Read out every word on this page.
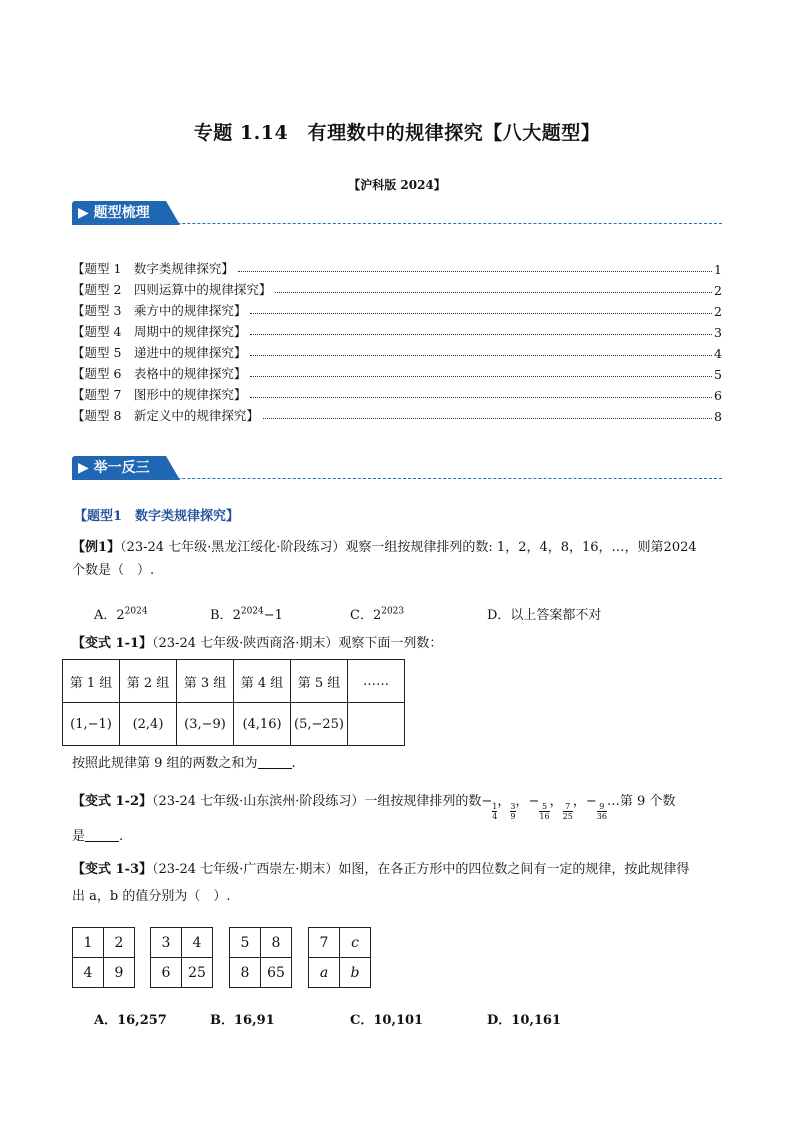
专题 1.14　有理数中的规律探究【八大题型】
【沪科版 2024】
▶ 题型梳理
【题型 1　数字类规律探究】	1
【题型 2　四则运算中的规律探究】	2
【题型 3　乘方中的规律探究】	2
【题型 4　周期中的规律探究】	3
【题型 5　递进中的规律探究】	4
【题型 6　表格中的规律探究】	5
【题型 7　图形中的规律探究】	6
【题型 8　新定义中的规律探究】	8
▶ 举一反三
【题型1　数字类规律探究】
【例1】（23-24 七年级·黑龙江绥化·阶段练习）观察一组按规律排列的数: 1，2，4，8，16，…，则第2024
个数是（　）.
A．$2^{2024}$	B．$2^{2024}-1$	C．$2^{2023}$	D．以上答案都不对
【变式 1-1】（23-24 七年级·陕西商洛·期末）观察下面一列数：
第 1 组	第 2 组	第 3 组	第 4 组	第 5 组	……
(1,−1)	(2,4)	(3,−9)	(4,16)	(5,−25)	
按照此规律第 9 组的两数之和为	.
【变式 1-2】（23-24 七年级·山东滨州·阶段练习）一组按规律排列的数−
$\frac{1}{4}$
，
$\frac{3}{9}$
，−
$\frac{5}{16}$
，
$\frac{7}{25}$
，−
$\frac{9}{36}$
…第 9 个数
是	.
【变式 1-3】（23-24 七年级·广西崇左·期末）如图，在各正方形中的四位数之间有一定的规律，按此规律得
出 a，b 的值分别为（　）.
1	2
4	9
3	4
6	25
5	8
8	65
7	c
a	b
A．16,257	B．16,91	C．10,101	D．10,161
